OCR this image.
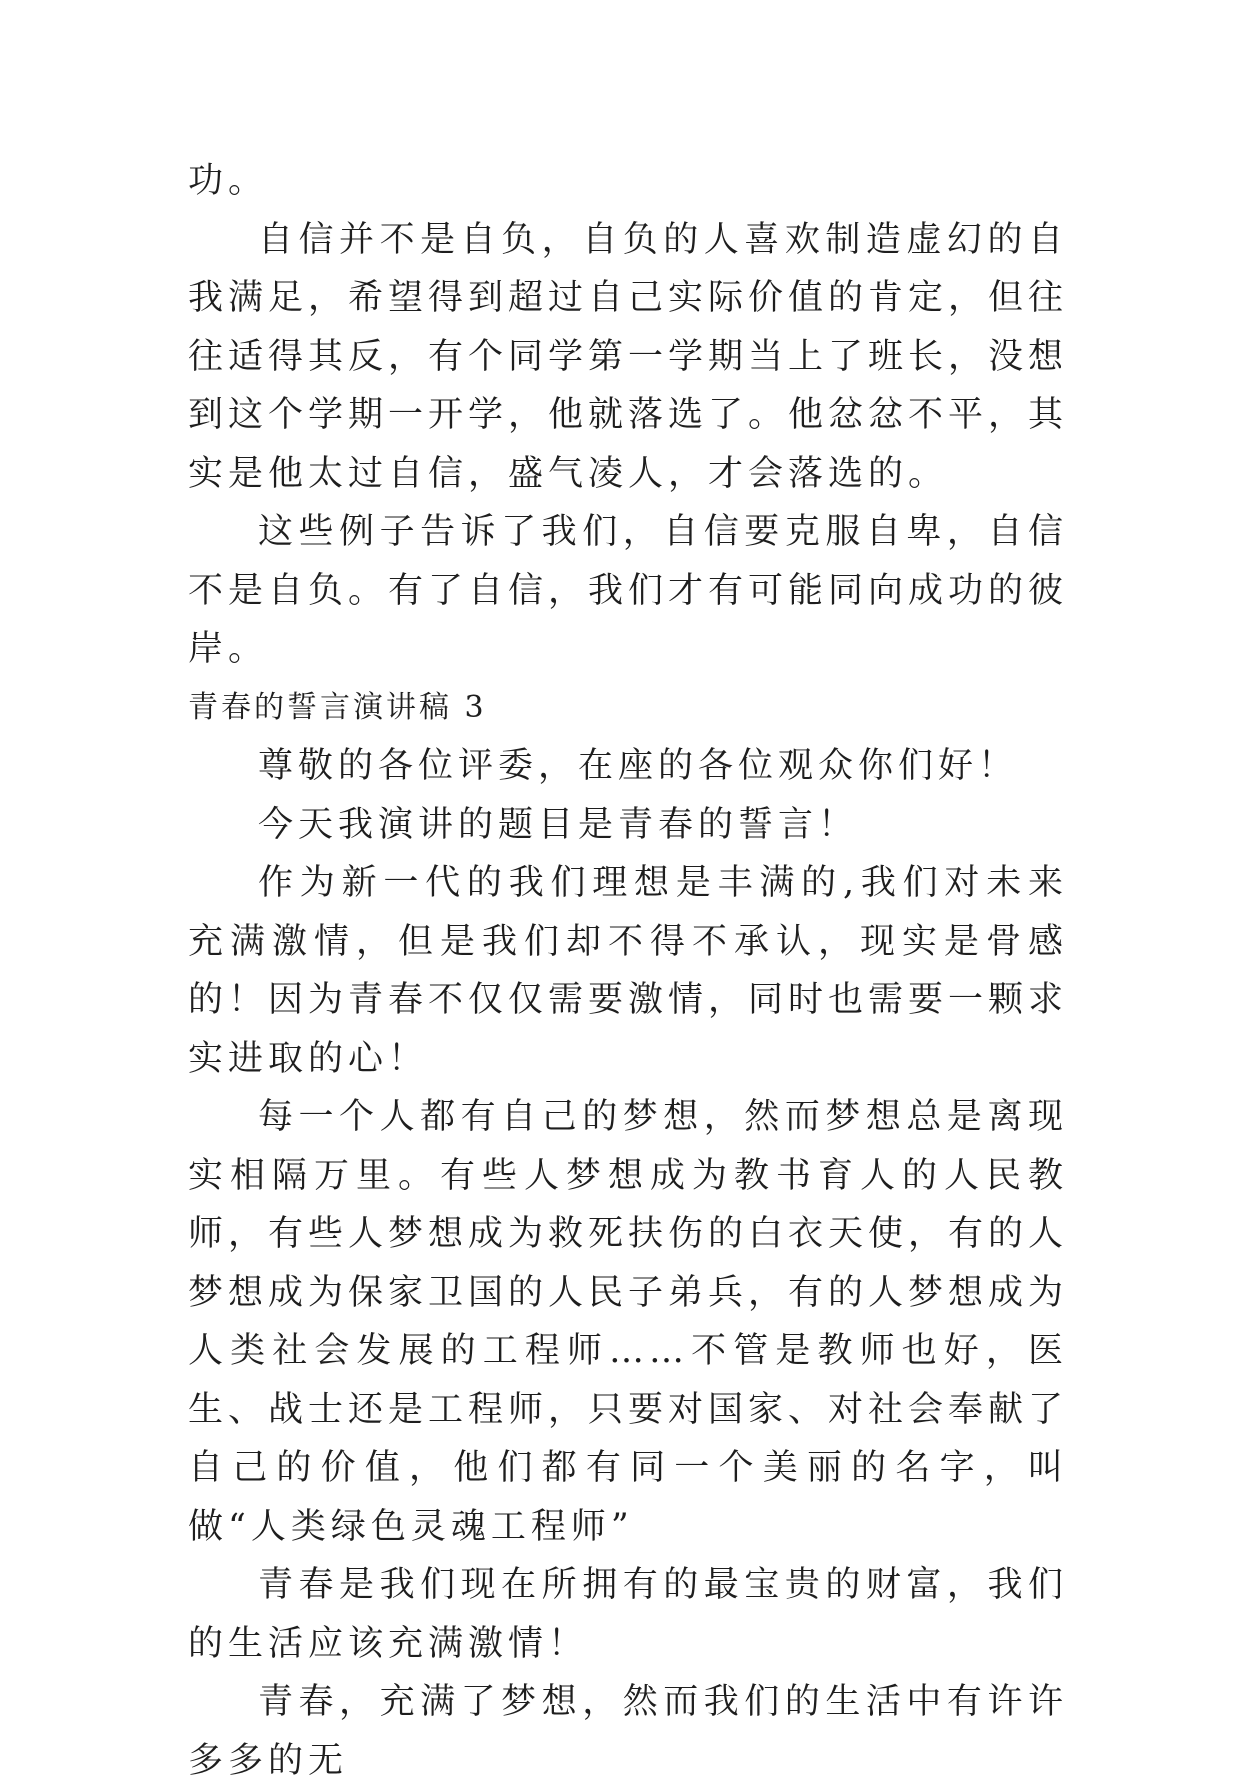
功。

自信并不是自负，自负的人喜欢制造虚幻的自我满足，希望得到超过自己实际价值的肯定，但往往适得其反，有个同学第一学期当上了班长，没想到这个学期一开学，他就落选了。他忿忿不平，其实是他太过自信，盛气凌人，才会落选的。

这些例子告诉了我们，自信要克服自卑，自信不是自负。有了自信，我们才有可能同向成功的彼岸。

青春的誓言演讲稿 3

尊敬的各位评委，在座的各位观众你们好！

今天我演讲的题目是青春的誓言！

作为新一代的我们理想是丰满的,我们对未来充满激情，但是我们却不得不承认，现实是骨感的！因为青春不仅仅需要激情，同时也需要一颗求实进取的心！

每一个人都有自己的梦想，然而梦想总是离现实相隔万里。有些人梦想成为教书育人的人民教师，有些人梦想成为救死扶伤的白衣天使，有的人梦想成为保家卫国的人民子弟兵，有的人梦想成为人类社会发展的工程师……不管是教师也好，医生、战士还是工程师，只要对国家、对社会奉献了自己的价值，他们都有同一个美丽的名字，叫做“人类绿色灵魂工程师”

青春是我们现在所拥有的最宝贵的财富，我们的生活应该充满激情！

青春，充满了梦想，然而我们的生活中有许许多多的无
